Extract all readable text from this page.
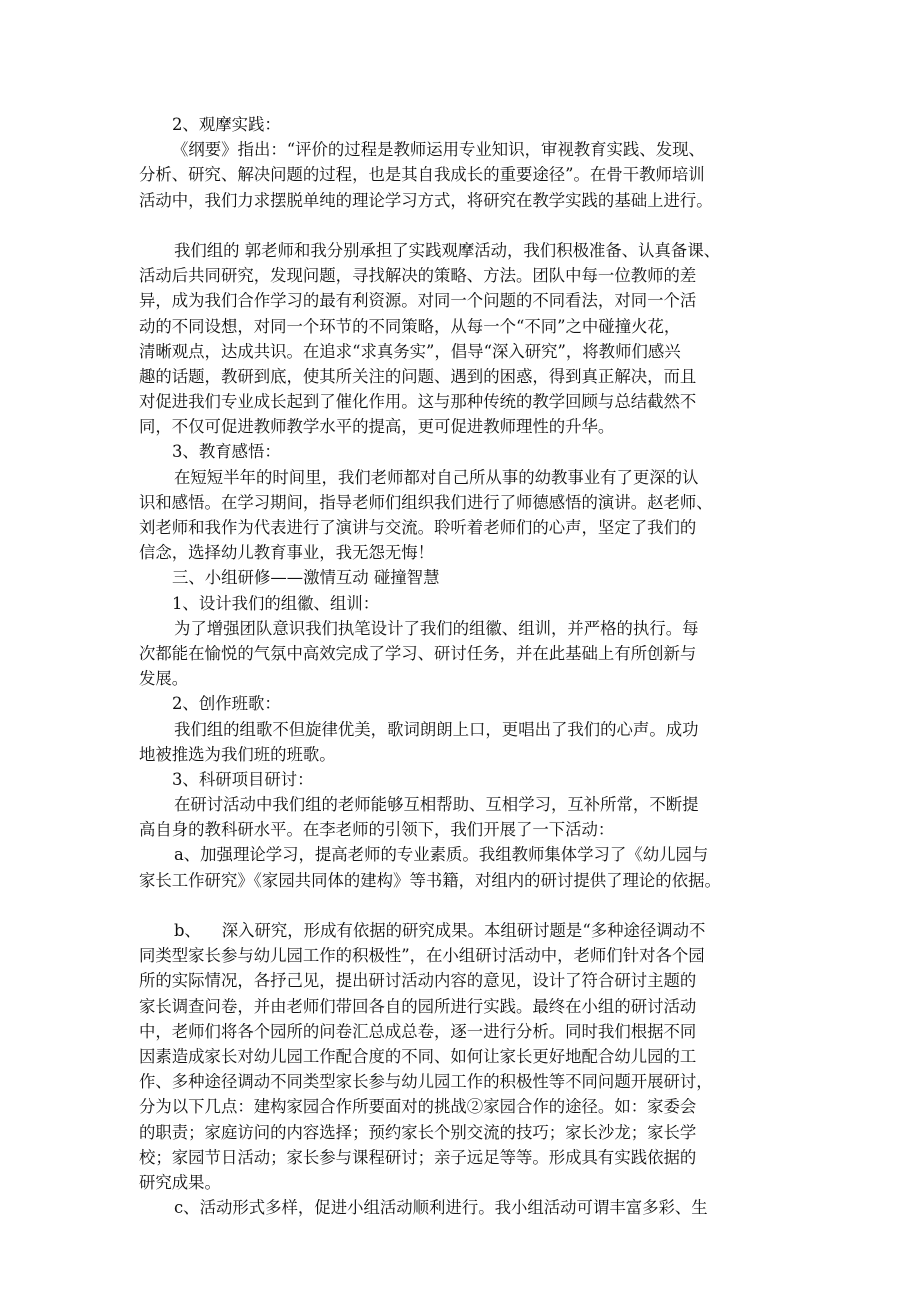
2、观摩实践：
《纲要》指出：“评价的过程是教师运用专业知识，审视教育实践、发现、
分析、研究、解决问题的过程，也是其自我成长的重要途径”。在骨干教师培训
活动中，我们力求摆脱单纯的理论学习方式，将研究在教学实践的基础上进行。
我们组的 郭老师和我分别承担了实践观摩活动，我们积极准备、认真备课、
活动后共同研究，发现问题，寻找解决的策略、方法。团队中每一位教师的差
异，成为我们合作学习的最有利资源。对同一个问题的不同看法，对同一个活
动的不同设想，对同一个环节的不同策略，从每一个“不同”之中碰撞火花，
清晰观点，达成共识。在追求“求真务实”，倡导“深入研究”，将教师们感兴
趣的话题，教研到底，使其所关注的问题、遇到的困惑，得到真正解决，而且
对促进我们专业成长起到了催化作用。这与那种传统的教学回顾与总结截然不
同，不仅可促进教师教学水平的提高，更可促进教师理性的升华。
3、教育感悟：
在短短半年的时间里，我们老师都对自己所从事的幼教事业有了更深的认
识和感悟。在学习期间，指导老师们组织我们进行了师德感悟的演讲。赵老师、
刘老师和我作为代表进行了演讲与交流。聆听着老师们的心声，坚定了我们的
信念，选择幼儿教育事业，我无怨无悔！
三、小组研修——激情互动 碰撞智慧
1、设计我们的组徽、组训：
为了增强团队意识我们执笔设计了我们的组徽、组训，并严格的执行。每
次都能在愉悦的气氛中高效完成了学习、研讨任务，并在此基础上有所创新与
发展。
2、创作班歌：
我们组的组歌不但旋律优美，歌词朗朗上口，更唱出了我们的心声。成功
地被推选为我们班的班歌。
3、科研项目研讨：
在研讨活动中我们组的老师能够互相帮助、互相学习，互补所常，不断提
高自身的教科研水平。在李老师的引领下，我们开展了一下活动：
a、加强理论学习，提高老师的专业素质。我组教师集体学习了《幼儿园与
家长工作研究》《家园共同体的建构》等书籍，对组内的研讨提供了理论的依据。
b、    深入研究，形成有依据的研究成果。本组研讨题是“多种途径调动不
同类型家长参与幼儿园工作的积极性”，在小组研讨活动中，老师们针对各个园
所的实际情况，各抒己见，提出研讨活动内容的意见，设计了符合研讨主题的
家长调查问卷，并由老师们带回各自的园所进行实践。最终在小组的研讨活动
中，老师们将各个园所的问卷汇总成总卷，逐一进行分析。同时我们根据不同
因素造成家长对幼儿园工作配合度的不同、如何让家长更好地配合幼儿园的工
作、多种途径调动不同类型家长参与幼儿园工作的积极性等不同问题开展研讨，
分为以下几点：建构家园合作所要面对的挑战②家园合作的途径。如：家委会
的职责；家庭访问的内容选择；预约家长个别交流的技巧；家长沙龙；家长学
校；家园节日活动；家长参与课程研讨；亲子远足等等。形成具有实践依据的
研究成果。
c、活动形式多样，促进小组活动顺利进行。我小组活动可谓丰富多彩、生
